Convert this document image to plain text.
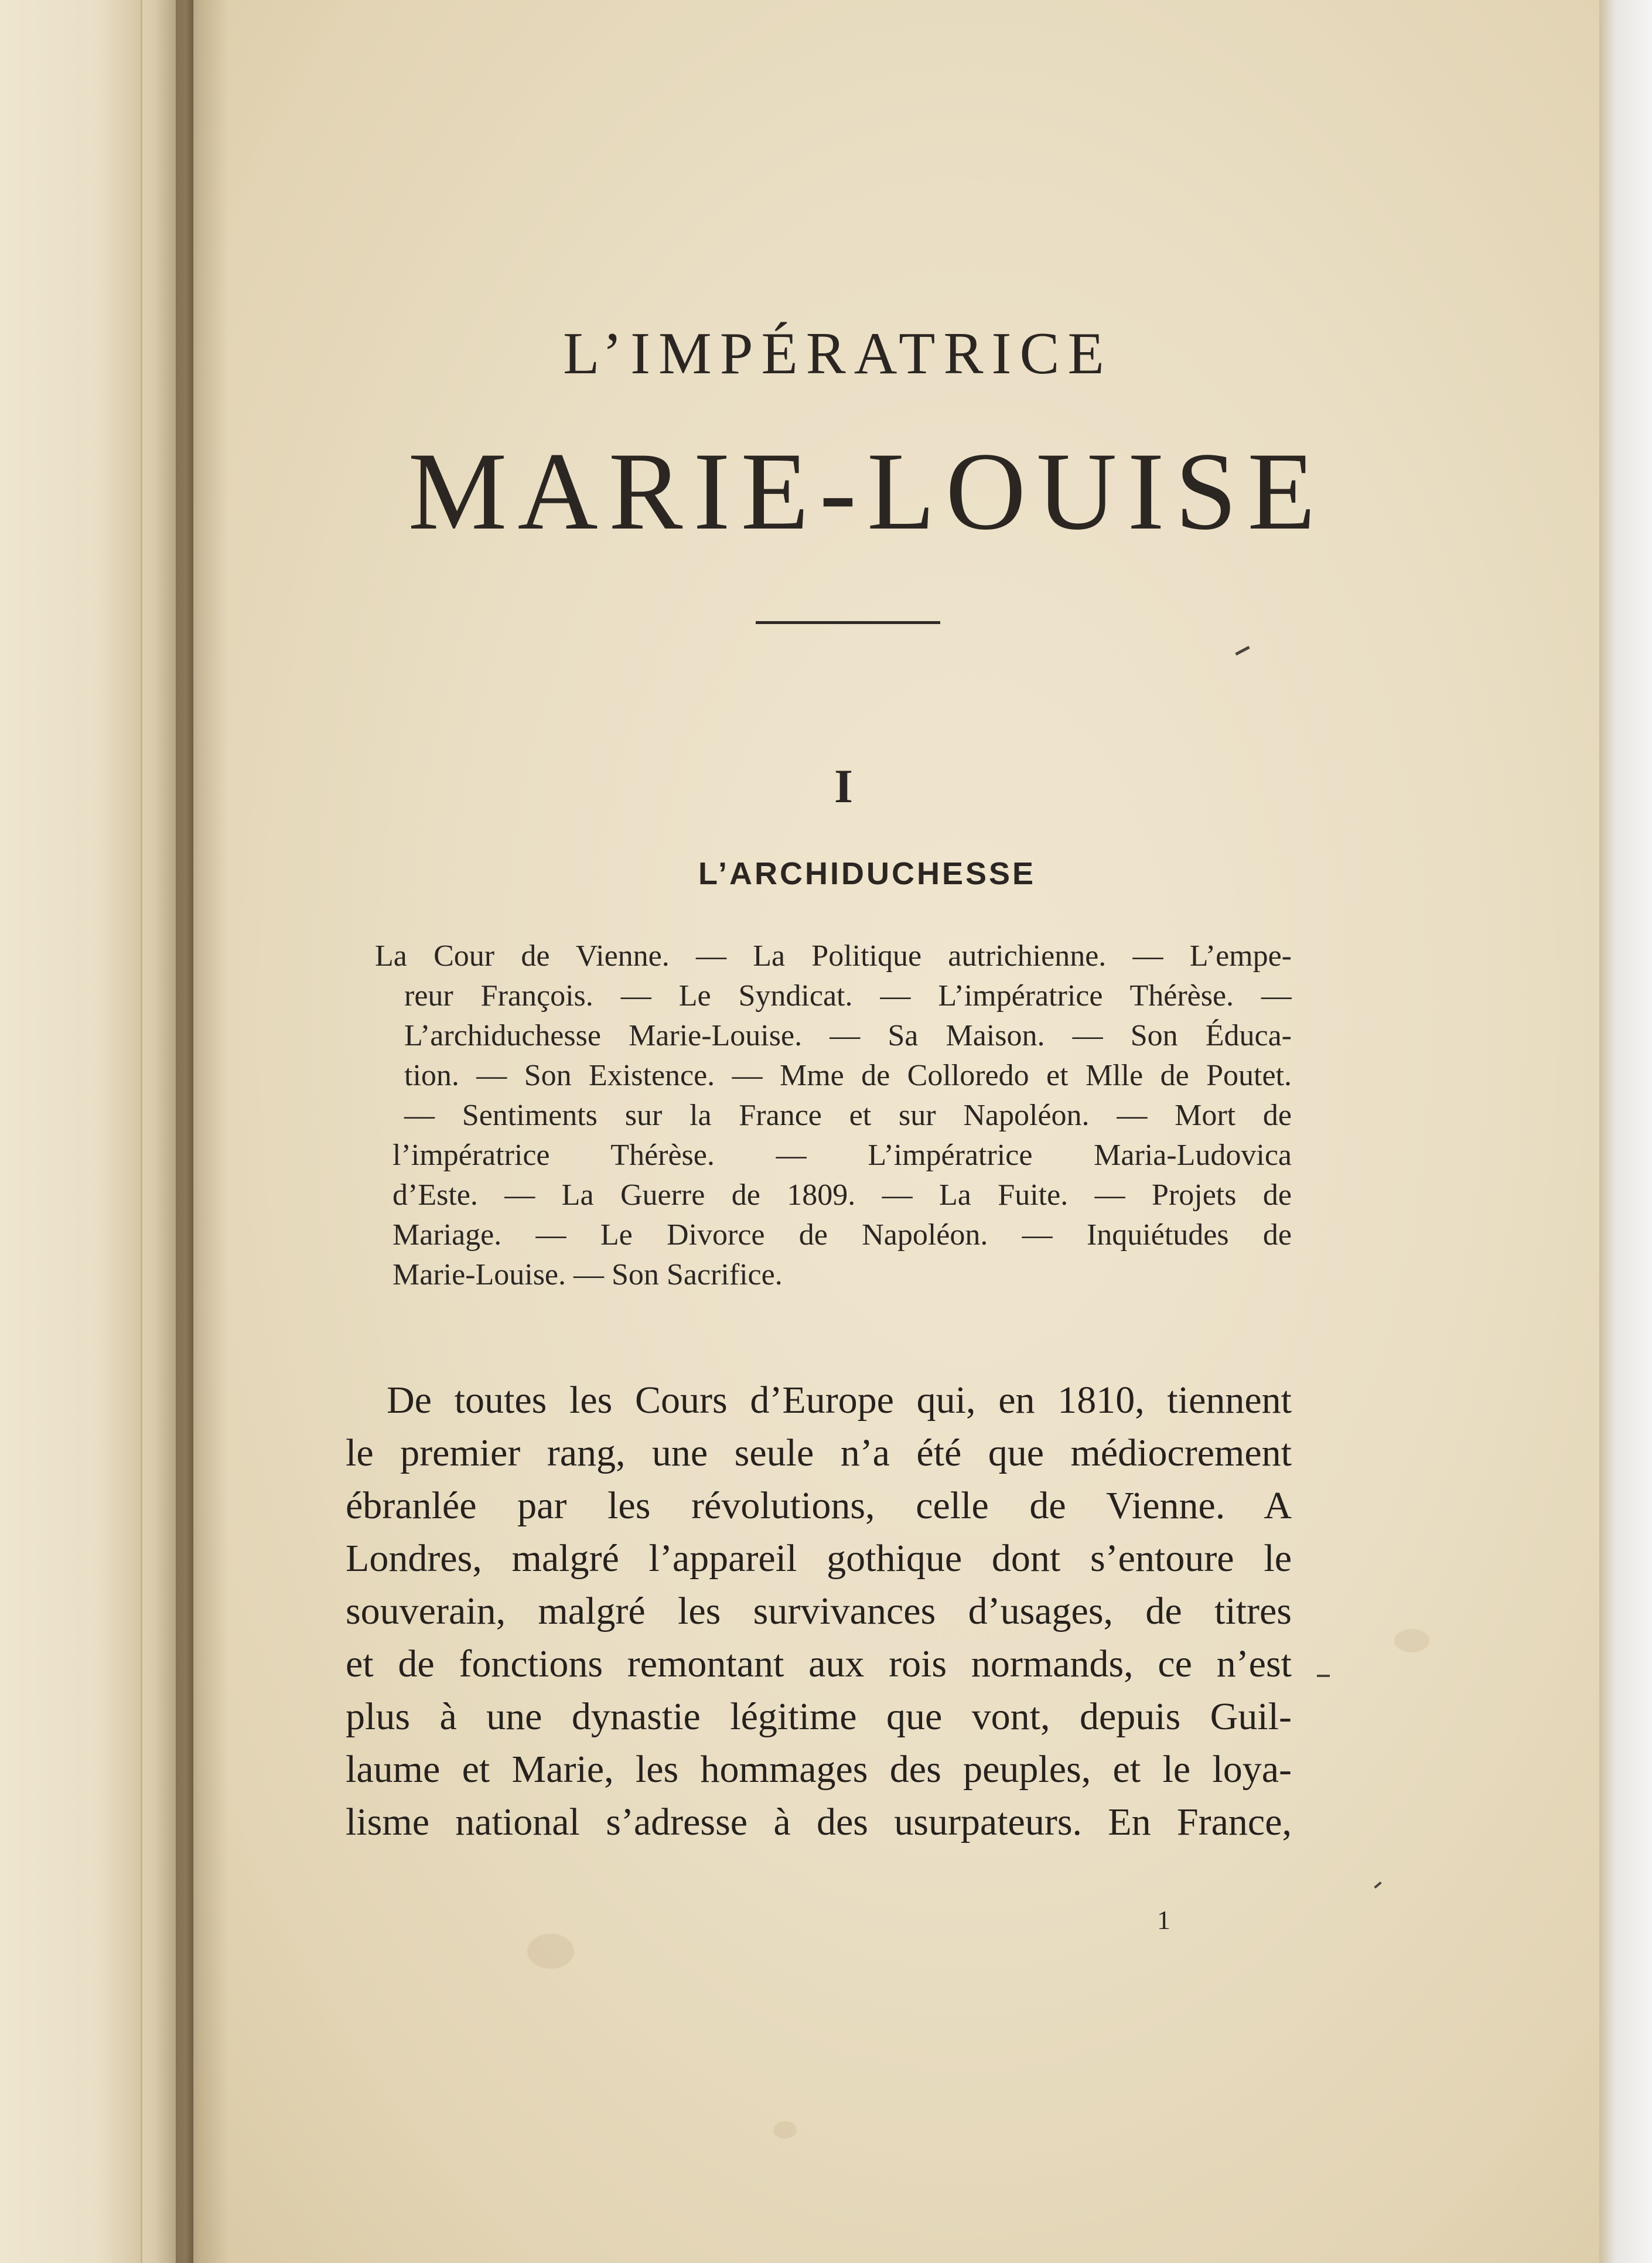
L’IMPÉRATRICE
MARIE-LOUISE
I
L’ARCHIDUCHESSE
La Cour de Vienne. — La Politique autrichienne. — L’empe-
reur François. — Le Syndicat. — L’impératrice Thérèse. —
L’archiduchesse Marie-Louise. — Sa Maison. — Son Éduca-
tion. — Son Existence. — Mme de Colloredo et Mlle de Poutet.
— Sentiments sur la France et sur Napoléon. — Mort de
l’impératrice Thérèse. — L’impératrice Maria-Ludovica
d’Este. — La Guerre de 1809. — La Fuite. — Projets de
Mariage. — Le Divorce de Napoléon. — Inquiétudes de
Marie-Louise. — Son Sacrifice.
De toutes les Cours d’Europe qui, en 1810, tiennent
le premier rang, une seule n’a été que médiocrement
ébranlée par les révolutions, celle de Vienne. A
Londres, malgré l’appareil gothique dont s’entoure le
souverain, malgré les survivances d’usages, de titres
et de fonctions remontant aux rois normands, ce n’est
plus à une dynastie légitime que vont, depuis Guil-
laume et Marie, les hommages des peuples, et le loya-
lisme national s’adresse à des usurpateurs. En France,
1
